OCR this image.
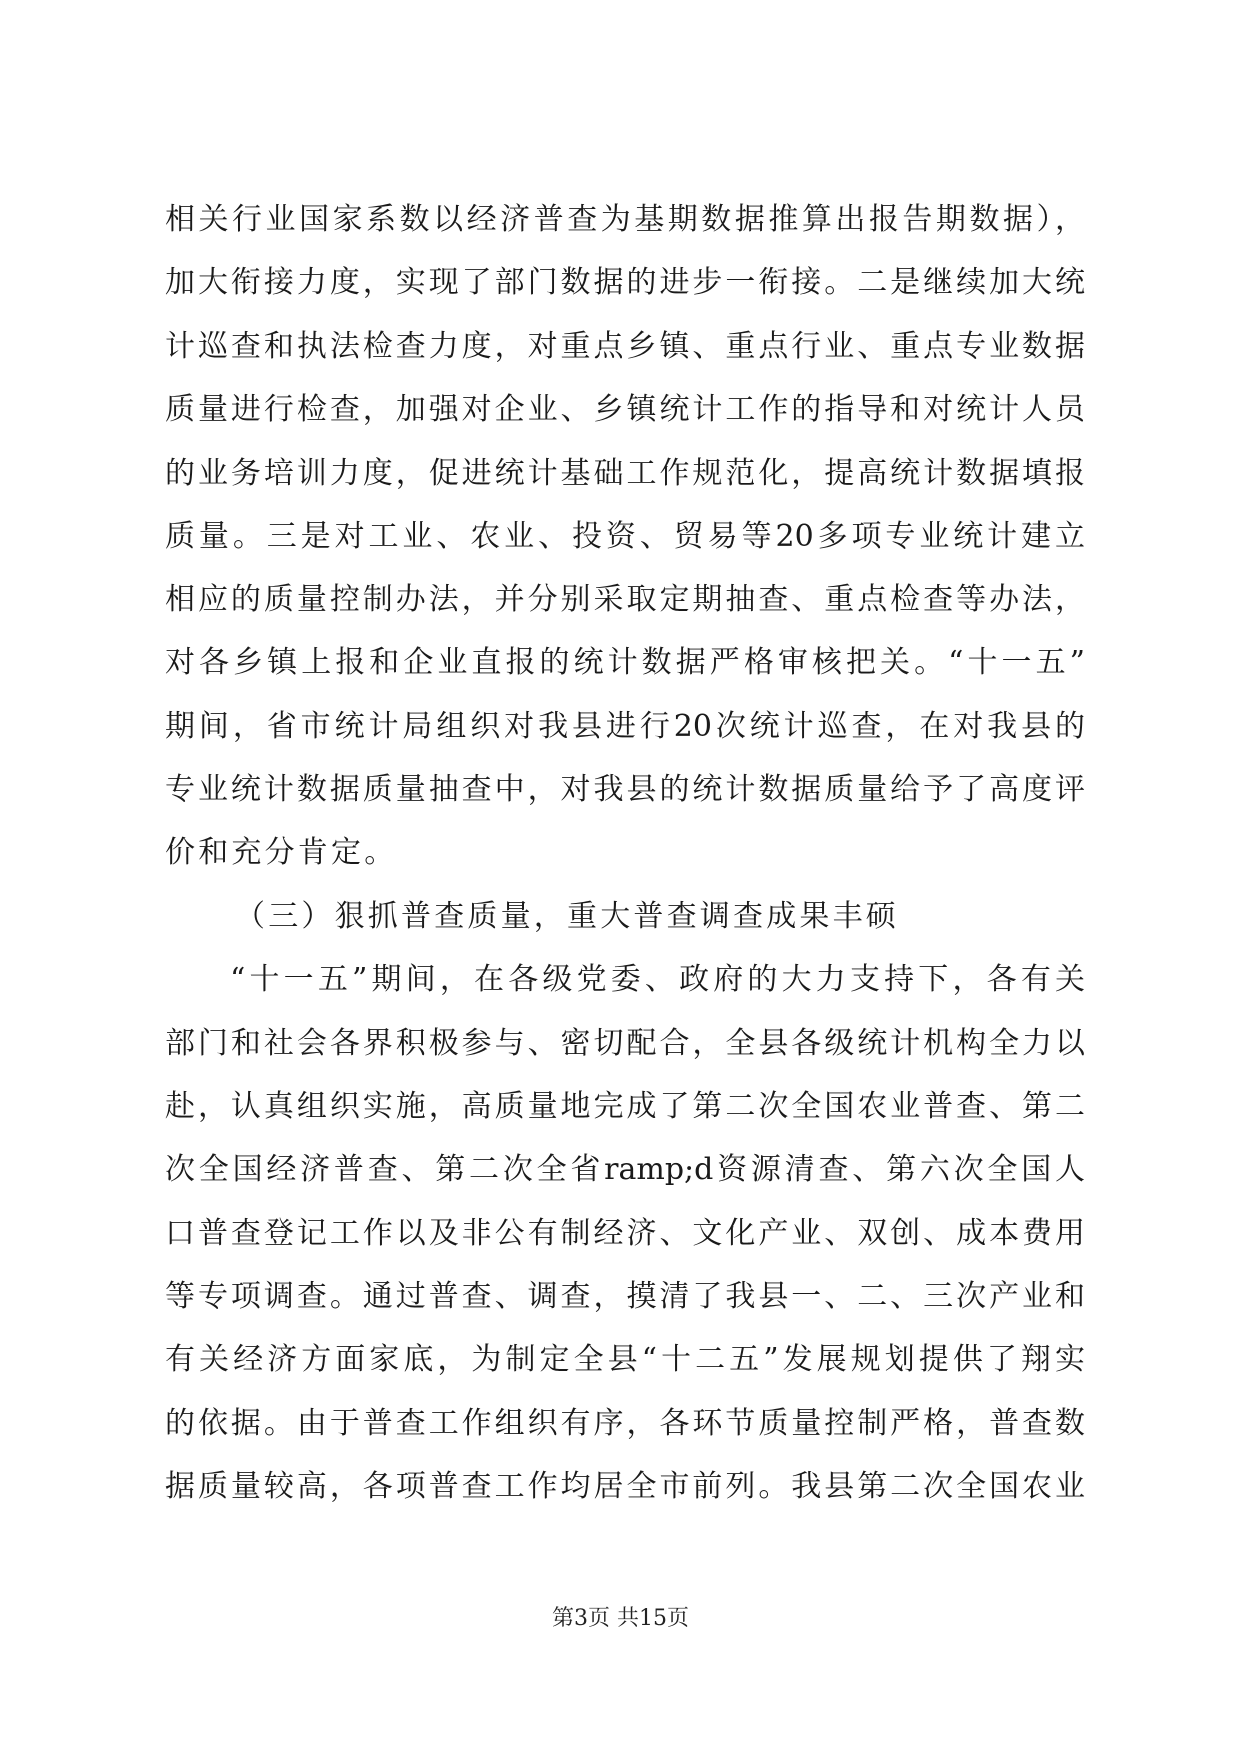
相关行业国家系数以经济普查为基期数据推算出报告期数据），
加大衔接力度，实现了部门数据的进步一衔接。二是继续加大统
计巡查和执法检查力度，对重点乡镇、重点行业、重点专业数据
质量进行检查，加强对企业、乡镇统计工作的指导和对统计人员
的业务培训力度，促进统计基础工作规范化，提高统计数据填报
质量。三是对工业、农业、投资、贸易等20多项专业统计建立
相应的质量控制办法，并分别采取定期抽查、重点检查等办法，
对各乡镇上报和企业直报的统计数据严格审核把关。“十一五”
期间，省市统计局组织对我县进行20次统计巡查，在对我县的
专业统计数据质量抽查中，对我县的统计数据质量给予了高度评
价和充分肯定。
（三）狠抓普查质量，重大普查调查成果丰硕
“十一五”期间，在各级党委、政府的大力支持下，各有关
部门和社会各界积极参与、密切配合，全县各级统计机构全力以
赴，认真组织实施，高质量地完成了第二次全国农业普查、第二
次全国经济普查、第二次全省ramp;d资源清查、第六次全国人
口普查登记工作以及非公有制经济、文化产业、双创、成本费用
等专项调查。通过普查、调查，摸清了我县一、二、三次产业和
有关经济方面家底，为制定全县“十二五”发展规划提供了翔实
的依据。由于普查工作组织有序，各环节质量控制严格，普查数
据质量较高，各项普查工作均居全市前列。我县第二次全国农业
第3页 共15页
